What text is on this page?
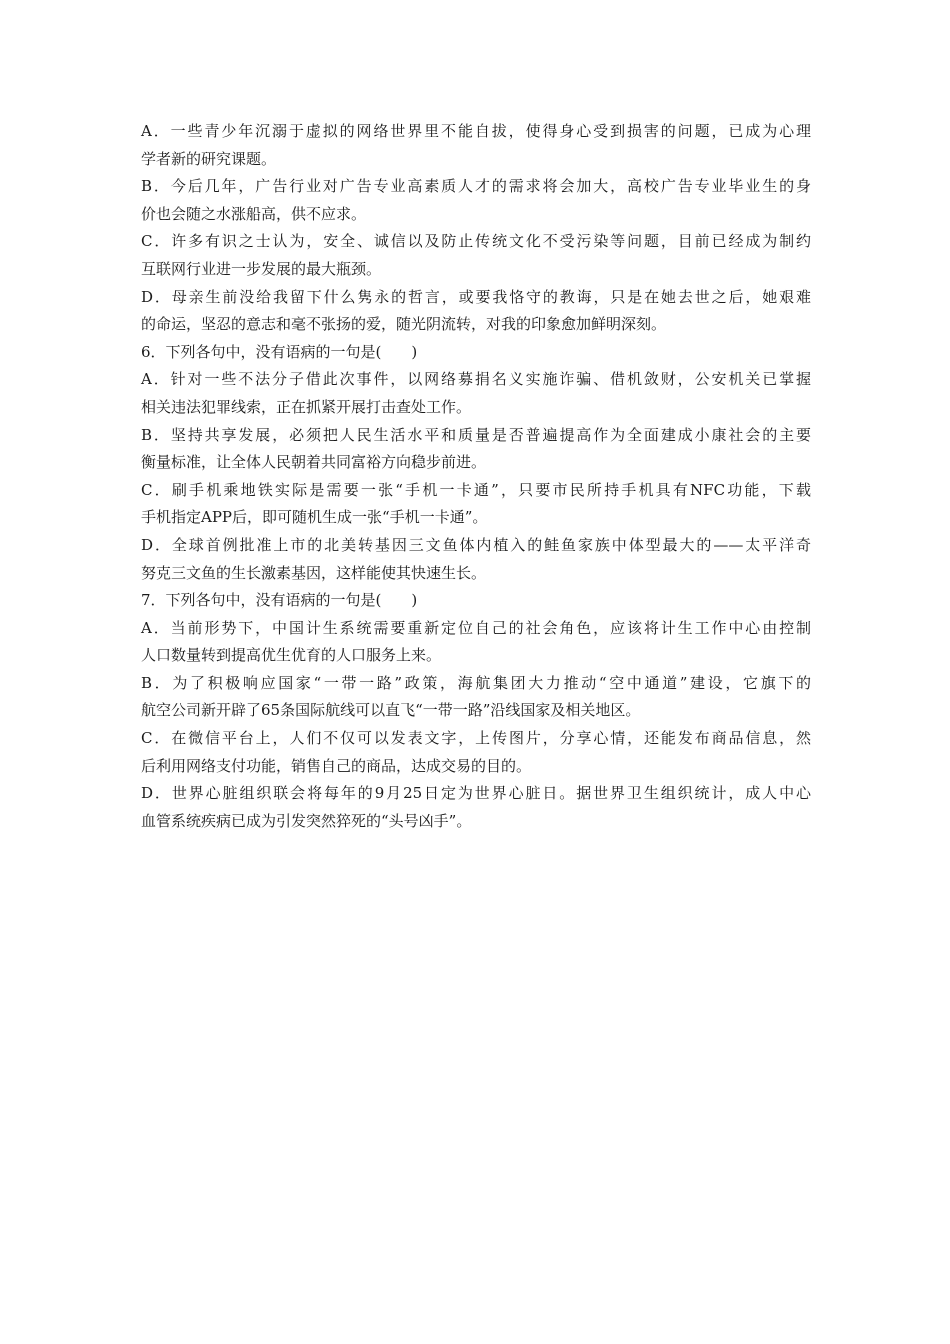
A．一些青少年沉溺于虚拟的网络世界里不能自拔，使得身心受到损害的问题，已成为心理
学者新的研究课题。
B．今后几年，广告行业对广告专业高素质人才的需求将会加大，高校广告专业毕业生的身
价也会随之水涨船高，供不应求。
C．许多有识之士认为，安全、诚信以及防止传统文化不受污染等问题，目前已经成为制约
互联网行业进一步发展的最大瓶颈。
D．母亲生前没给我留下什么隽永的哲言，或要我恪守的教诲，只是在她去世之后，她艰难
的命运，坚忍的意志和毫不张扬的爱，随光阴流转，对我的印象愈加鲜明深刻。
6．下列各句中，没有语病的一句是(　　)
A．针对一些不法分子借此次事件，以网络募捐名义实施诈骗、借机敛财，公安机关已掌握
相关违法犯罪线索，正在抓紧开展打击查处工作。
B．坚持共享发展，必须把人民生活水平和质量是否普遍提高作为全面建成小康社会的主要
衡量标准，让全体人民朝着共同富裕方向稳步前进。
C．刷手机乘地铁实际是需要一张“手机一卡通”，只要市民所持手机具有NFC功能，下载
手机指定APP后，即可随机生成一张“手机一卡通”。
D．全球首例批准上市的北美转基因三文鱼体内植入的鲑鱼家族中体型最大的——太平洋奇
努克三文鱼的生长激素基因，这样能使其快速生长。
7．下列各句中，没有语病的一句是(　　)
A．当前形势下，中国计生系统需要重新定位自己的社会角色，应该将计生工作中心由控制
人口数量转到提高优生优育的人口服务上来。
B．为了积极响应国家“一带一路”政策，海航集团大力推动“空中通道”建设，它旗下的
航空公司新开辟了65条国际航线可以直飞“一带一路”沿线国家及相关地区。
C．在微信平台上，人们不仅可以发表文字，上传图片，分享心情，还能发布商品信息，然
后利用网络支付功能，销售自己的商品，达成交易的目的。
D．世界心脏组织联会将每年的9月25日定为世界心脏日。据世界卫生组织统计，成人中心
血管系统疾病已成为引发突然猝死的“头号凶手”。
